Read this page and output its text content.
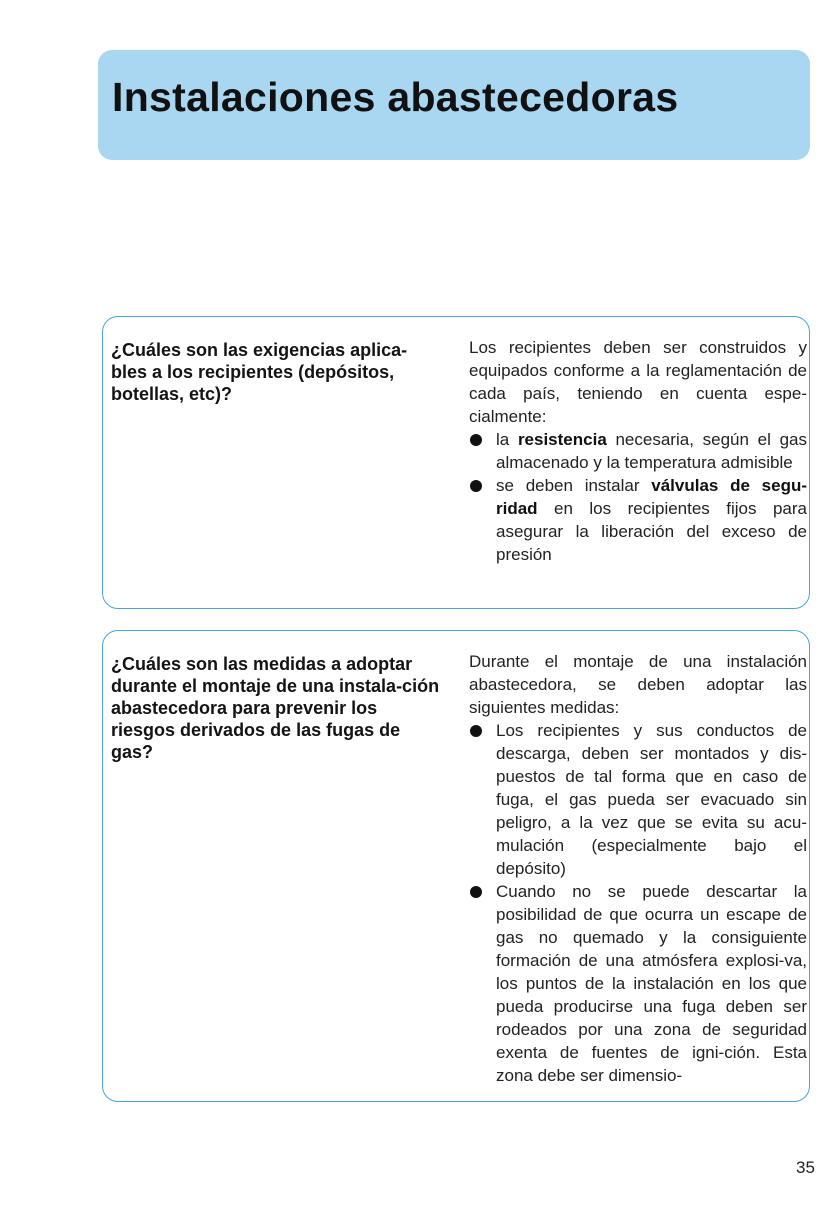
Instalaciones abastecedoras

¿Cuáles son las exigencias aplica-bles a los recipientes (depósitos, botellas, etc)?

Los recipientes deben ser construidos y equipados conforme a la reglamentación de cada país, teniendo en cuenta espe-cialmente:

la resistencia necesaria, según el gas almacenado y la temperatura admisible
se deben instalar válvulas de segu-ridad en los recipientes fijos para asegurar la liberación del exceso de presión

¿Cuáles son las medidas a adoptar durante el montaje de una instala-ción abastecedora para prevenir los riesgos derivados de las fugas de gas?

Durante el montaje de una instalación abastecedora, se deben adoptar las siguientes medidas:

Los recipientes y sus conductos de descarga, deben ser montados y dis-puestos de tal forma que en caso de fuga, el gas pueda ser evacuado sin peligro, a la vez que se evita su acu-mulación (especialmente bajo el depósito)
Cuando no se puede descartar la posibilidad de que ocurra un escape de gas no quemado y la consiguiente formación de una atmósfera explosi-va, los puntos de la instalación en los que pueda producirse una fuga deben ser rodeados por una zona de seguridad exenta de fuentes de igni-ción. Esta zona debe ser dimensio-
35
